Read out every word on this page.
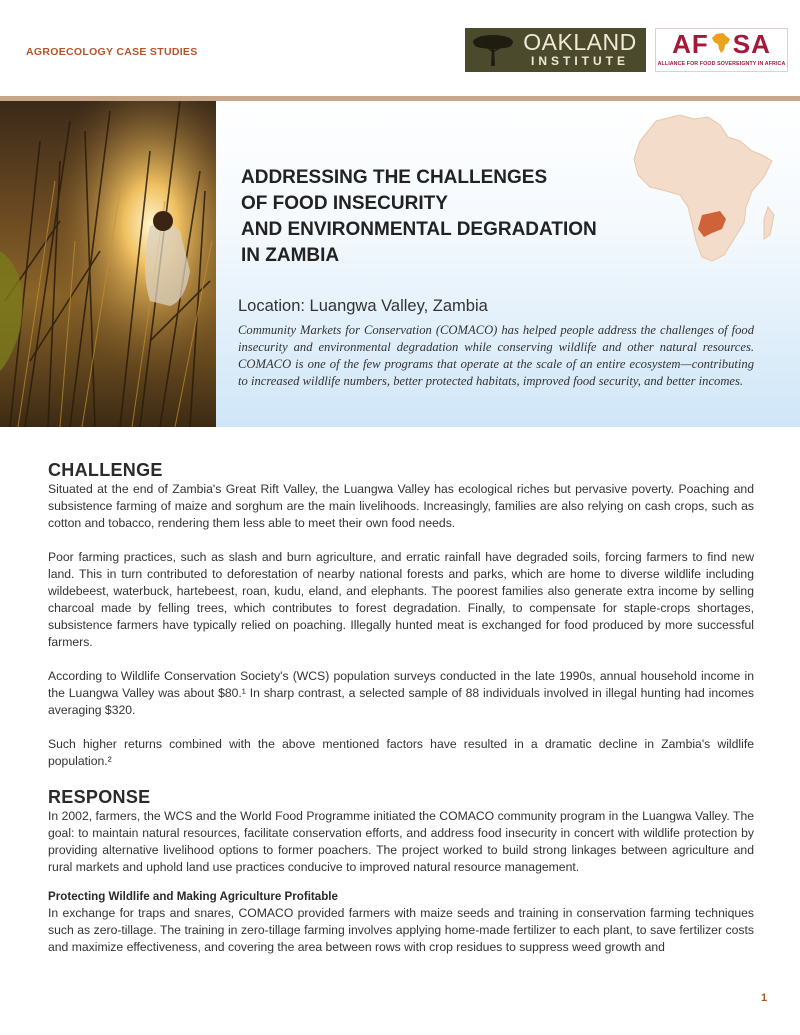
AGROECOLOGY CASE STUDIES	OAKLAND
INSTITUTE
AF SA
ALLIANCE FOR FOOD SOVEREIGNTY IN AFRICA
ADDRESSING THE CHALLENGES
OF FOOD INSECURITY
AND ENVIRONMENTAL DEGRADATION
IN ZAMBIA
Location: Luangwa Valley, Zambia
Community Markets for Conservation (COMACO) has helped people address the challenges of food insecurity and environmental degradation while conserving wildlife and other natural resources. COMACO is one of the few programs that operate at the scale of an entire ecosystem—contributing to increased wildlife numbers, better protected habitats, improved food security, and better incomes.
CHALLENGE

Situated at the end of Zambia's Great Rift Valley, the Luangwa Valley has ecological riches but pervasive poverty. Poaching and subsistence farming of maize and sorghum are the main livelihoods. Increasingly, families are also relying on cash crops, such as cotton and tobacco, rendering them less able to meet their own food needs.

Poor farming practices, such as slash and burn agriculture, and erratic rainfall have degraded soils, forcing farmers to find new land. This in turn contributed to deforestation of nearby national forests and parks, which are home to diverse wildlife including wildebeest, waterbuck, hartebeest, roan, kudu, eland, and elephants. The poorest families also generate extra income by selling charcoal made by felling trees, which contributes to forest degradation. Finally, to compensate for staple-crops shortages, subsistence farmers have typically relied on poaching. Illegally hunted meat is exchanged for food produced by more successful farmers.

According to Wildlife Conservation Society's (WCS) population surveys conducted in the late 1990s, annual household income in the Luangwa Valley was about $80.¹ In sharp contrast, a selected sample of 88 individuals involved in illegal hunting had incomes averaging $320.

Such higher returns combined with the above mentioned factors have resulted in a dramatic decline in Zambia's wildlife population.²

RESPONSE

In 2002, farmers, the WCS and the World Food Programme initiated the COMACO community program in the Luangwa Valley. The goal: to maintain natural resources, facilitate conservation efforts, and address food insecurity in concert with wildlife protection by providing alternative livelihood options to former poachers. The project worked to build strong linkages between agriculture and rural markets and uphold land use practices conducive to improved natural resource management.

Protecting Wildlife and Making Agriculture Profitable

In exchange for traps and snares, COMACO provided farmers with maize seeds and training in conservation farming techniques such as zero-tillage. The training in zero-tillage farming involves applying home-made fertilizer to each plant, to save fertilizer costs and maximize effectiveness, and covering the area between rows with crop residues to suppress weed growth and

1
